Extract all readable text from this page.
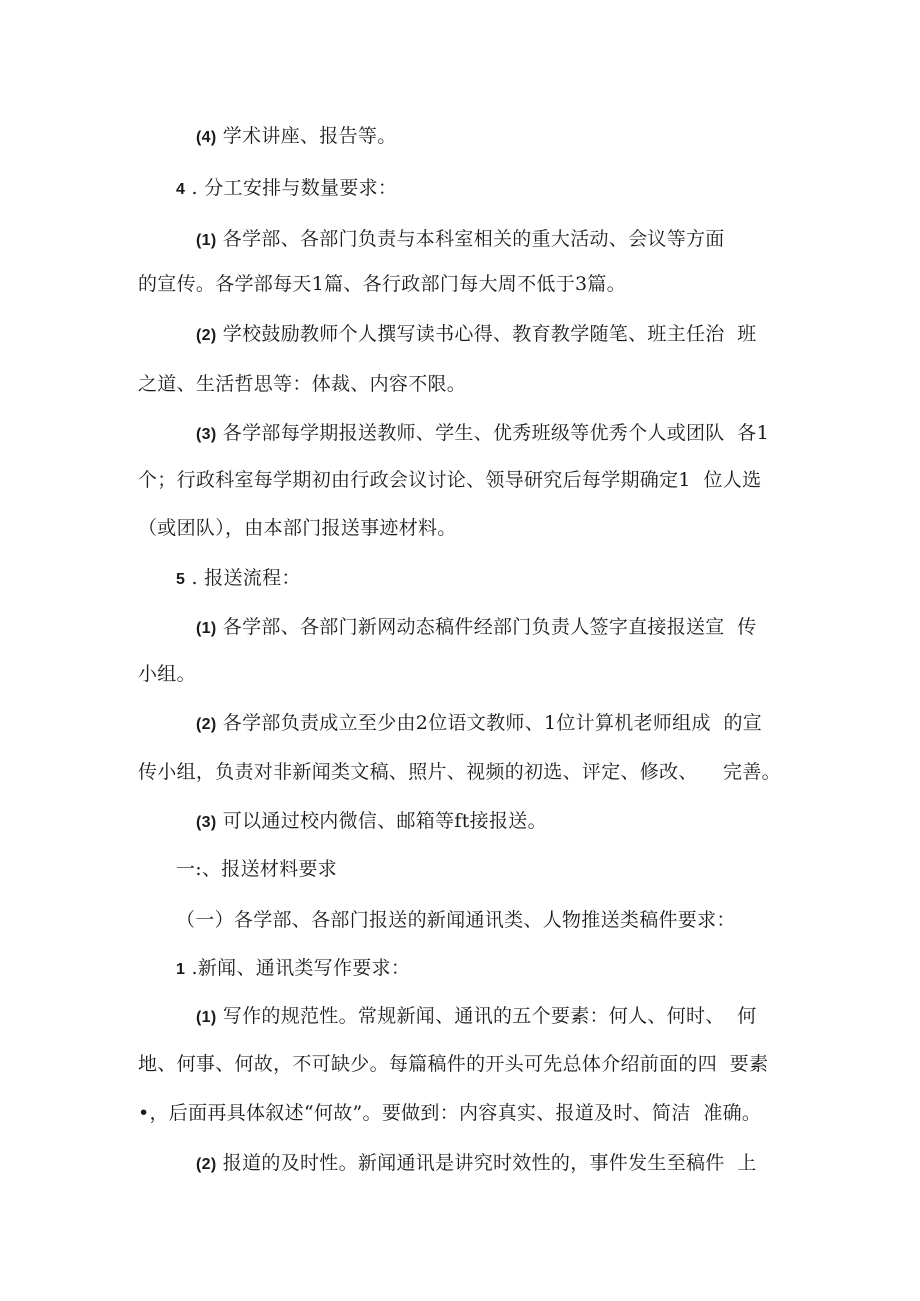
(4) 学术讲座、报告等。
4 . 分工安排与数量要求：
(1) 各学部、各部门负责与本科室相关的重大活动、会议等方面
的宣传。各学部每天1篇、各行政部门每大周不低于3篇。
(2) 学校鼓励教师个人撰写读书心得、教育教学随笔、班主任治  班
之道、生活哲思等：体裁、内容不限。
(3) 各学部每学期报送教师、学生、优秀班级等优秀个人或团队  各1
个；行政科室每学期初由行政会议讨论、领导研究后每学期确定1  位人选
（或团队），由本部门报送事迹材料。
5 . 报送流程：
(1) 各学部、各部门新网动态稿件经部门负责人签字直接报送宣  传
小组。
(2) 各学部负责成立至少由2位语文教师、1位计算机老师组成  的宣
传小组，负责对非新闻类文稿、照片、视频的初选、评定、修改、    完善。
(3) 可以通过校内微信、邮箱等ft接报送。
一:、报送材料要求
（一）各学部、各部门报送的新闻通讯类、人物推送类稿件要求：
1 .新闻、通讯类写作要求：
(1) 写作的规范性。常规新闻、通讯的五个要素：何人、何时、  何
地、何事、何故，不可缺少。每篇稿件的开头可先总体介绍前面的四  要素
•，后面再具体叙述“何故”。要做到：内容真实、报道及时、简洁  准确。
(2) 报道的及时性。新闻通讯是讲究时效性的，事件发生至稿件  上
